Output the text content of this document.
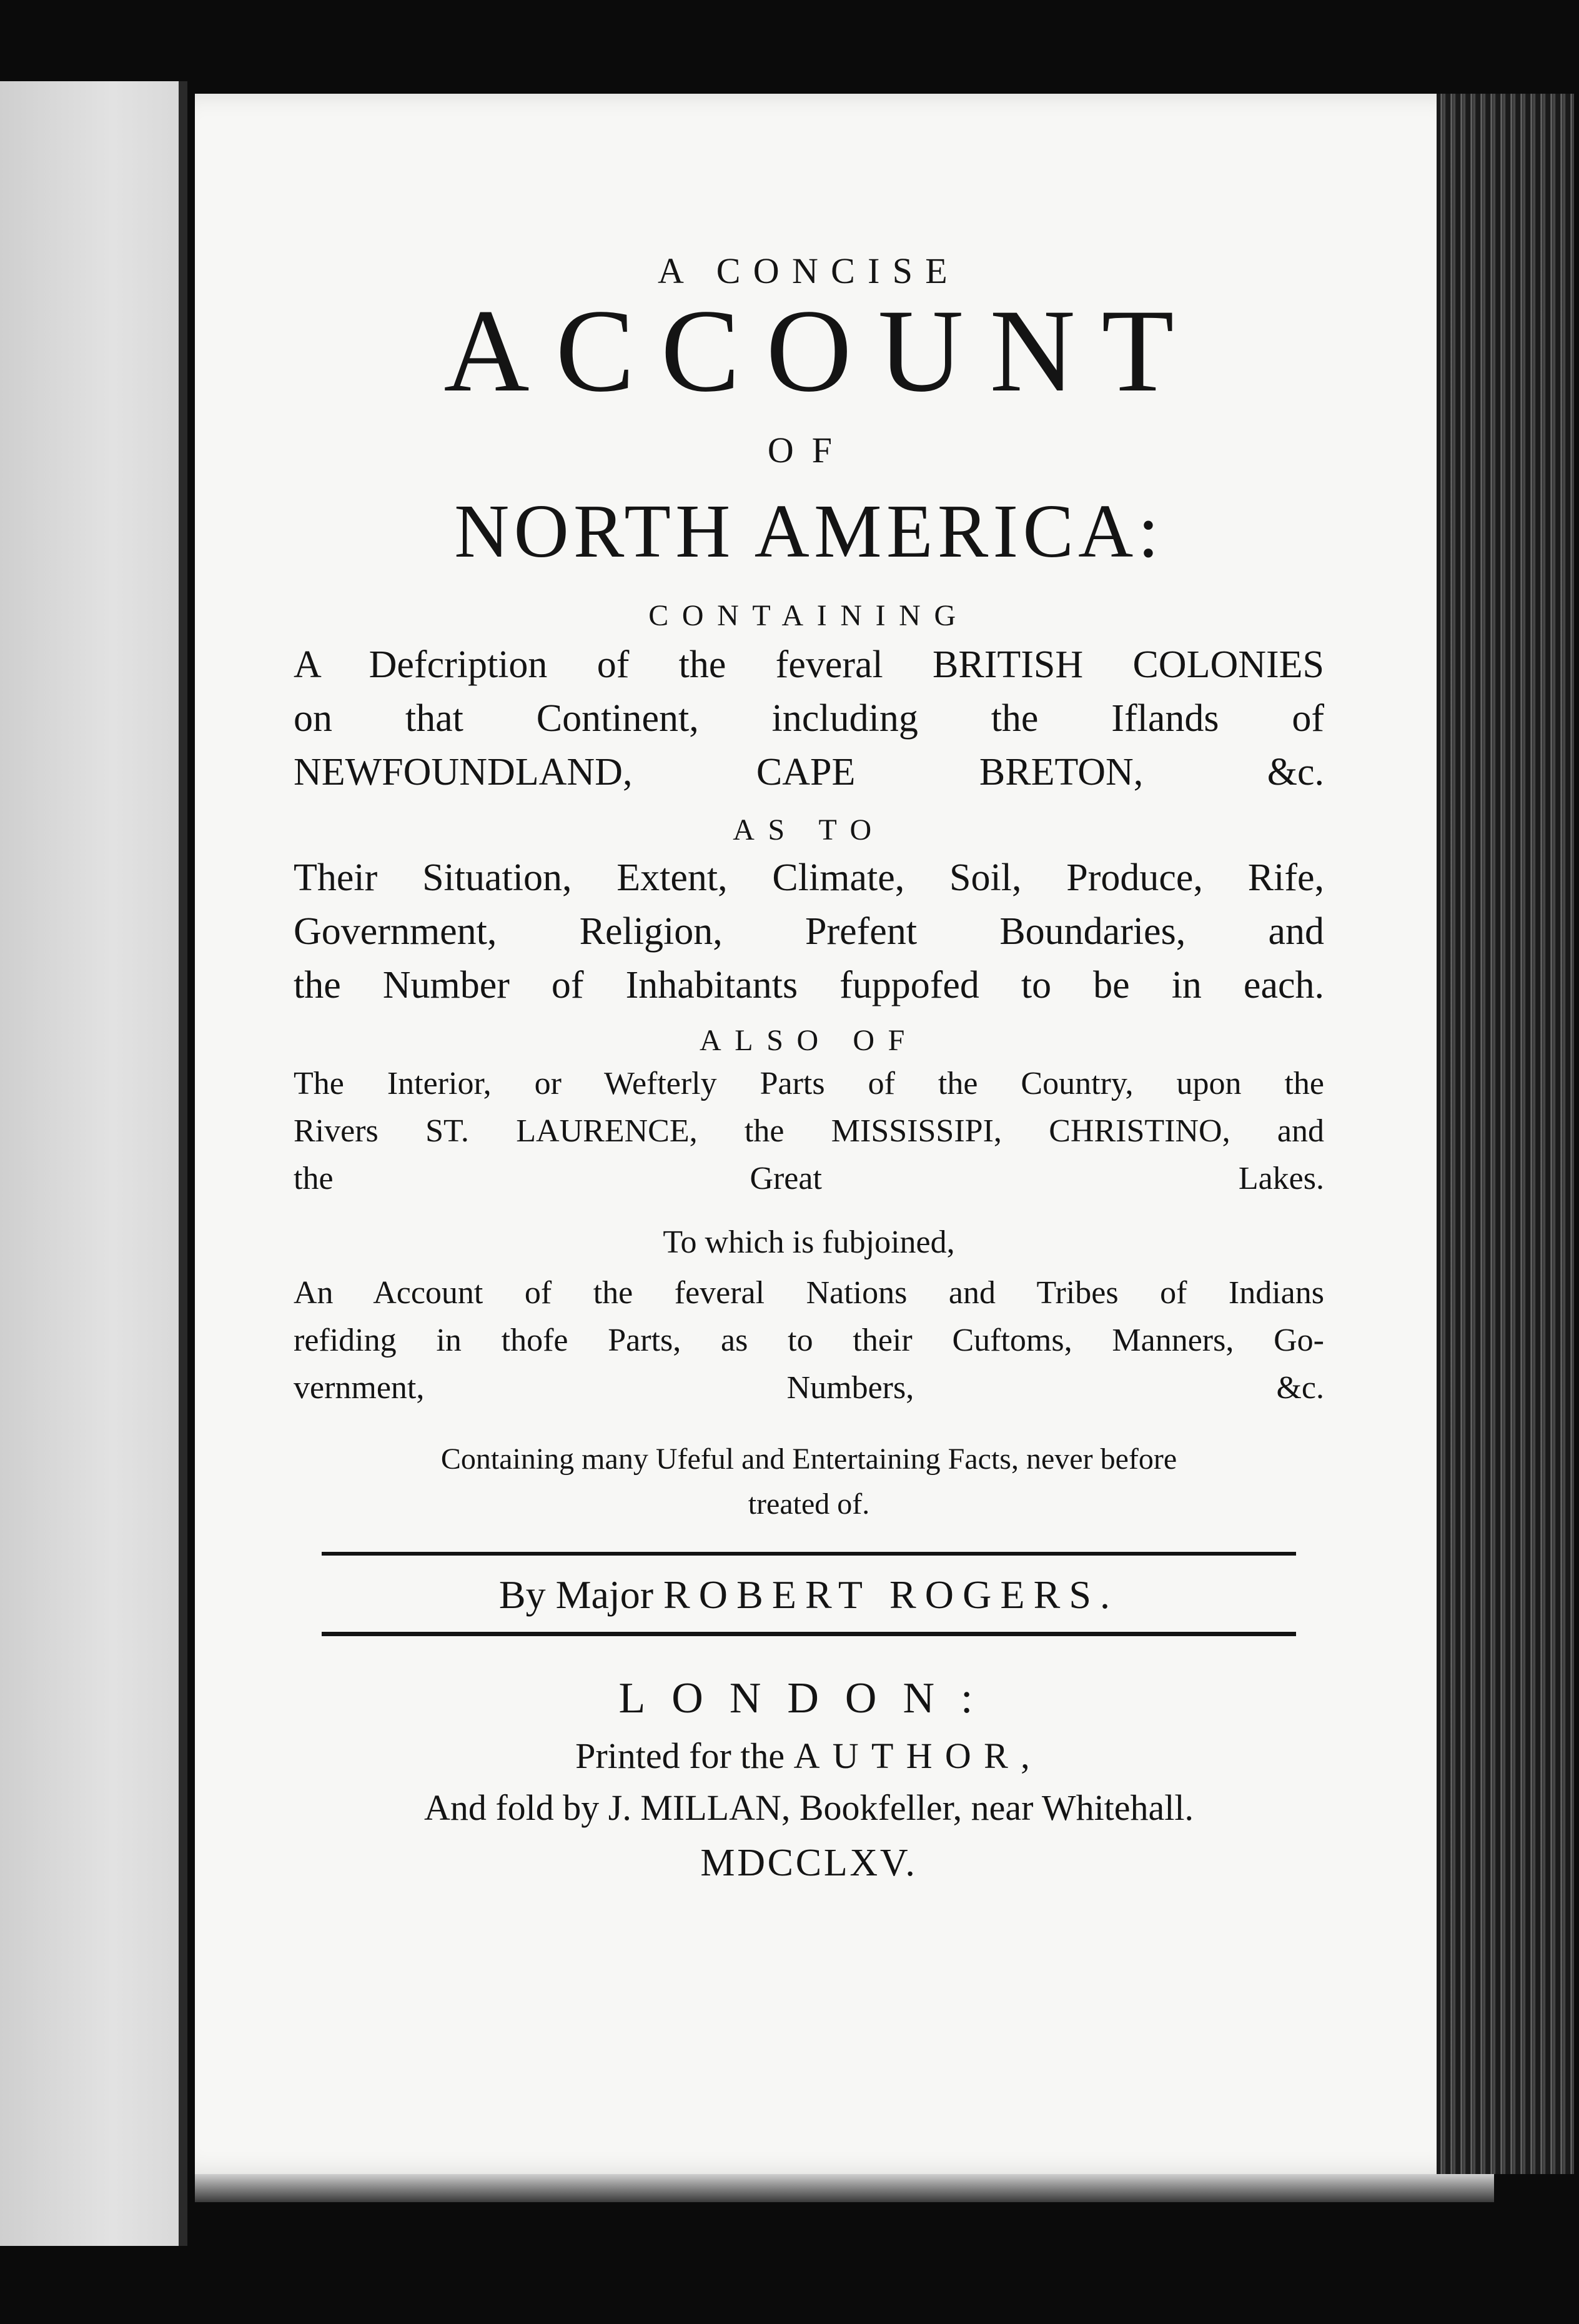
A CONCISE
ACCOUNT
OF
NORTH AMERICA:
CONTAINING
A Defcription of the feveral BRITISH COLONIES
on that Continent, including the Iflands of
NEWFOUNDLAND, CAPE BRETON, &c.
AS TO
Their Situation, Extent, Climate, Soil, Produce, Rife,
Government, Religion, Prefent Boundaries, and
the Number of Inhabitants fuppofed to be in each.
ALSO OF
The Interior, or Wefterly Parts of the Country, upon the
Rivers ST. LAURENCE, the MISSISSIPI, CHRISTINO, and
the Great Lakes.
To which is fubjoined,
An Account of the feveral Nations and Tribes of Indians
refiding in thofe Parts, as to their Cuftoms, Manners, Go-
vernment, Numbers, &c.
Containing many Ufeful and Entertaining Facts, never before
treated of.
By Major ROBERT ROGERS.
LONDON:
Printed for the AUTHOR,
And fold by J. MILLAN, Bookfeller, near Whitehall.
MDCCLXV.
